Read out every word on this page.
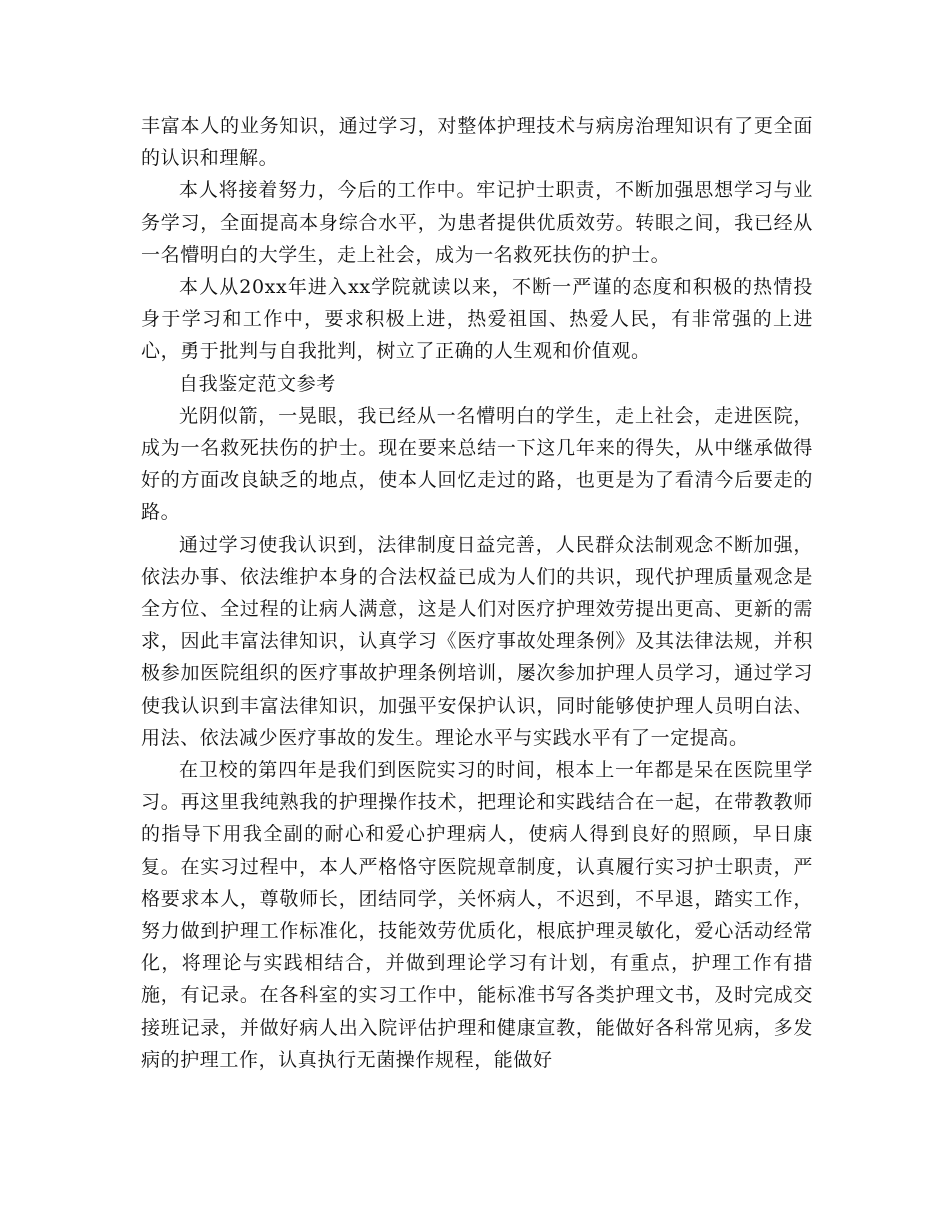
丰富本人的业务知识，通过学习，对整体护理技术与病房治理知识有了更全面的认识和理解。

本人将接着努力，今后的工作中。牢记护士职责，不断加强思想学习与业务学习，全面提高本身综合水平，为患者提供优质效劳。转眼之间，我已经从一名懵明白的大学生，走上社会，成为一名救死扶伤的护士。

本人从20xx年进入xx学院就读以来，不断一严谨的态度和积极的热情投身于学习和工作中，要求积极上进，热爱祖国、热爱人民，有非常强的上进心，勇于批判与自我批判，树立了正确的人生观和价值观。

自我鉴定范文参考

光阴似箭，一晃眼，我已经从一名懵明白的学生，走上社会，走进医院，成为一名救死扶伤的护士。现在要来总结一下这几年来的得失，从中继承做得好的方面改良缺乏的地点，使本人回忆走过的路，也更是为了看清今后要走的路。

通过学习使我认识到，法律制度日益完善，人民群众法制观念不断加强，依法办事、依法维护本身的合法权益已成为人们的共识，现代护理质量观念是全方位、全过程的让病人满意，这是人们对医疗护理效劳提出更高、更新的需求，因此丰富法律知识，认真学习《医疗事故处理条例》及其法律法规，并积极参加医院组织的医疗事故护理条例培训，屡次参加护理人员学习，通过学习使我认识到丰富法律知识，加强平安保护认识，同时能够使护理人员明白法、用法、依法减少医疗事故的发生。理论水平与实践水平有了一定提高。

在卫校的第四年是我们到医院实习的时间，根本上一年都是呆在医院里学习。再这里我纯熟我的护理操作技术，把理论和实践结合在一起，在带教教师的指导下用我全副的耐心和爱心护理病人，使病人得到良好的照顾，早日康复。在实习过程中，本人严格恪守医院规章制度，认真履行实习护士职责，严格要求本人，尊敬师长，团结同学，关怀病人，不迟到，不早退，踏实工作，努力做到护理工作标准化，技能效劳优质化，根底护理灵敏化，爱心活动经常化，将理论与实践相结合，并做到理论学习有计划，有重点，护理工作有措施，有记录。在各科室的实习工作中，能标准书写各类护理文书，及时完成交接班记录，并做好病人出入院评估护理和健康宣教，能做好各科常见病，多发病的护理工作，认真执行无菌操作规程，能做好
